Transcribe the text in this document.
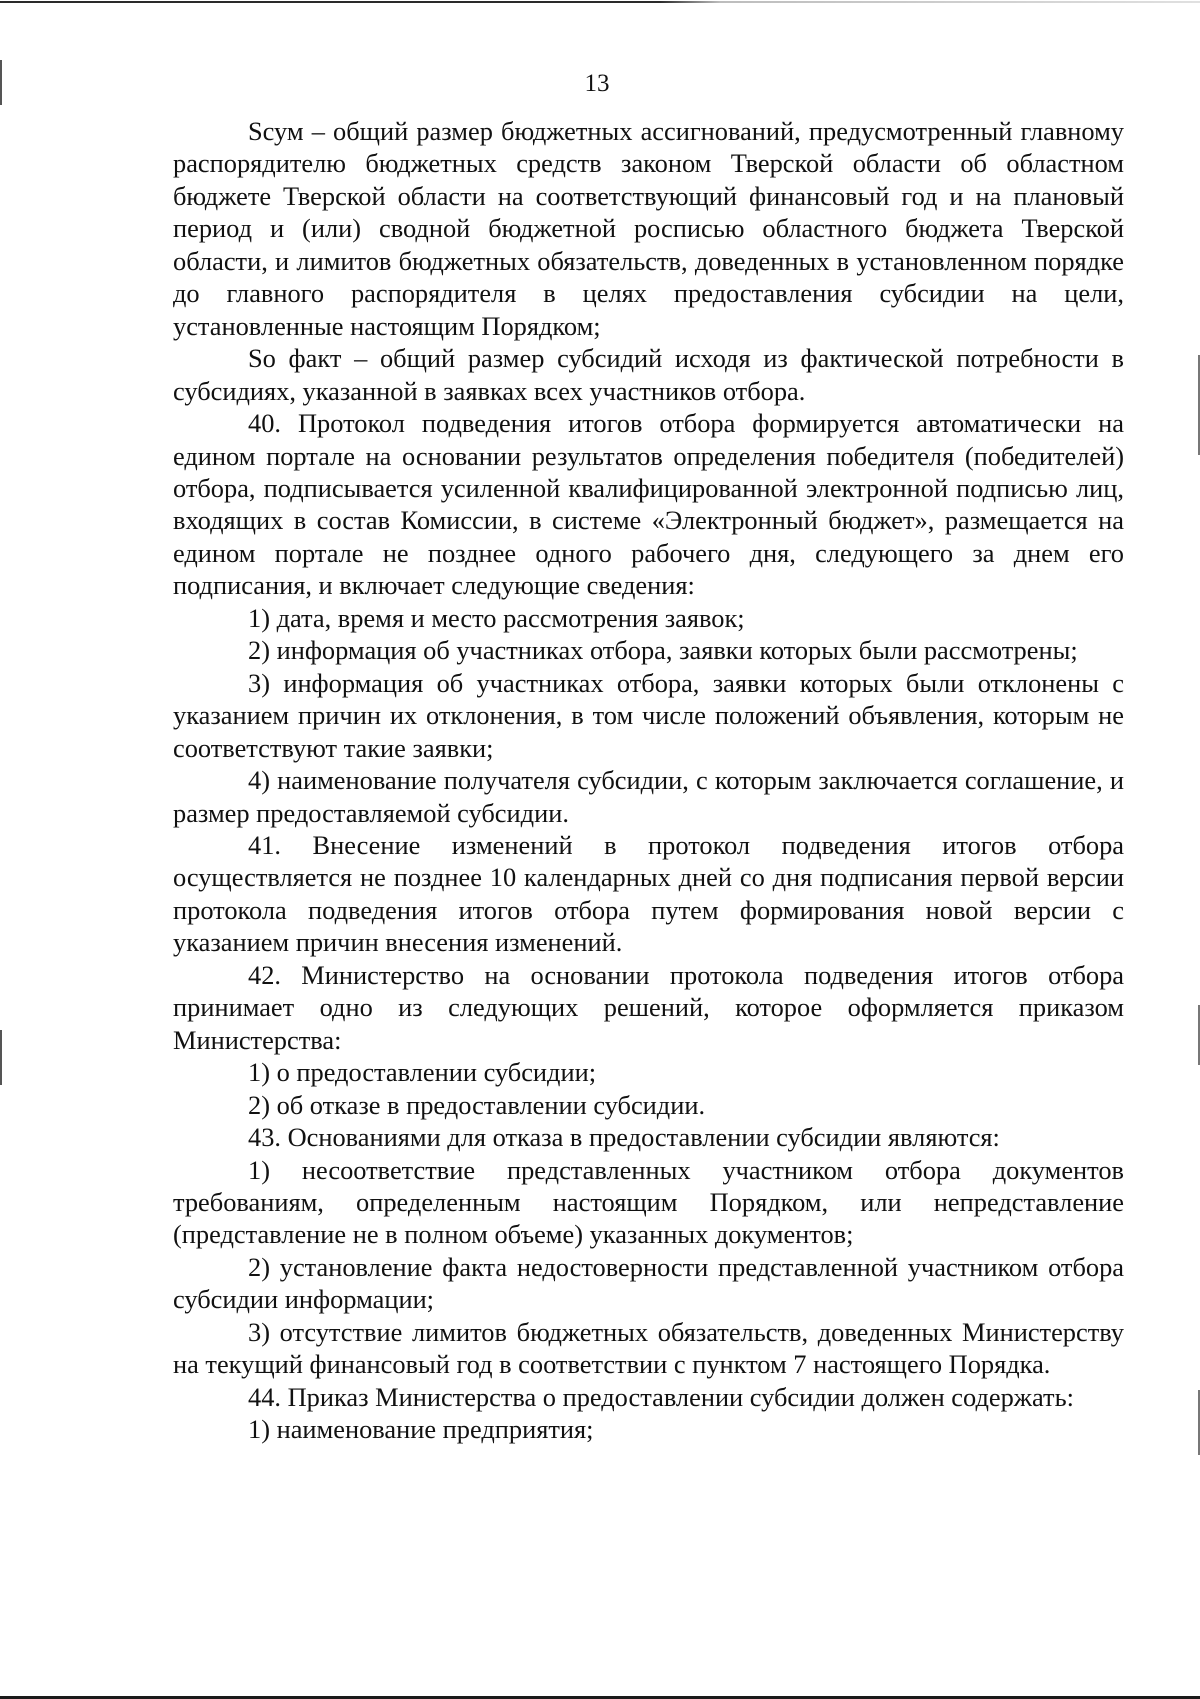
13

Sсум – общий размер бюджетных ассигнований, предусмотренный главному распорядителю бюджетных средств законом Тверской области об областном бюджете Тверской области на соответствующий финансовый год и на плановый период и (или) сводной бюджетной росписью областного бюджета Тверской области, и лимитов бюджетных обязательств, доведенных в установленном порядке до главного распорядителя в целях предоставления субсидии на цели, установленные настоящим Порядком;

So факт – общий размер субсидий исходя из фактической потребности в субсидиях, указанной в заявках всех участников отбора.

40. Протокол подведения итогов отбора формируется автоматически на едином портале на основании результатов определения победителя (победителей) отбора, подписывается усиленной квалифицированной электронной подписью лиц, входящих в состав Комиссии, в системе «Электронный бюджет», размещается на едином портале не позднее одного рабочего дня, следующего за днем его подписания, и включает следующие сведения:

1) дата, время и место рассмотрения заявок;

2) информация об участниках отбора, заявки которых были рассмотрены;

3) информация об участниках отбора, заявки которых были отклонены с указанием причин их отклонения, в том числе положений объявления, которым не соответствуют такие заявки;

4) наименование получателя субсидии, с которым заключается соглашение, и размер предоставляемой субсидии.

41. Внесение изменений в протокол подведения итогов отбора осуществляется не позднее 10 календарных дней со дня подписания первой версии протокола подведения итогов отбора путем формирования новой версии с указанием причин внесения изменений.

42. Министерство на основании протокола подведения итогов отбора принимает одно из следующих решений, которое оформляется приказом Министерства:

1) о предоставлении субсидии;

2) об отказе в предоставлении субсидии.

43. Основаниями для отказа в предоставлении субсидии являются:

1) несоответствие представленных участником отбора документов требованиям, определенным настоящим Порядком, или непредставление (представление не в полном объеме) указанных документов;

2) установление факта недостоверности представленной участником отбора субсидии информации;

3) отсутствие лимитов бюджетных обязательств, доведенных Министерству на текущий финансовый год в соответствии с пунктом 7 настоящего Порядка.

44. Приказ Министерства о предоставлении субсидии должен содержать:

1) наименование предприятия;
